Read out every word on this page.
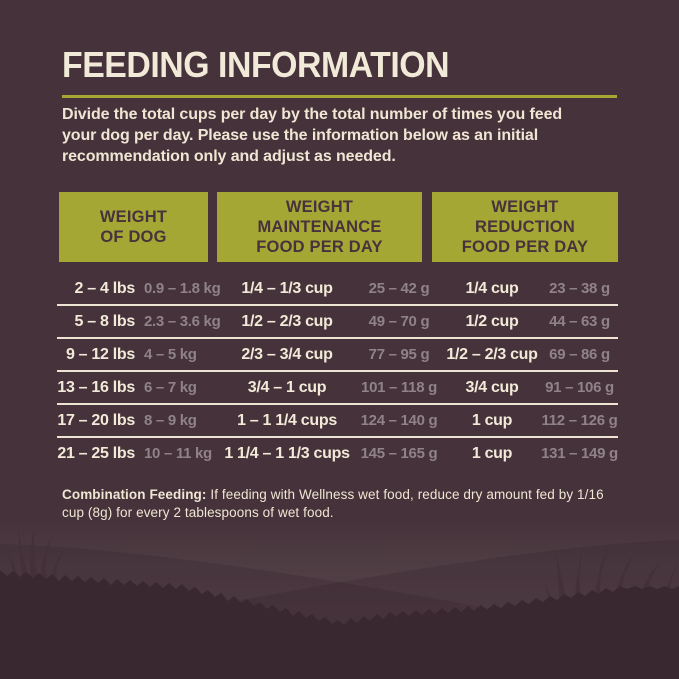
FEEDING INFORMATION

Divide the total cups per day by the total number of times you feed
your dog per day. Please use the information below as an initial
recommendation only and adjust as needed.

WEIGHT
OF DOG
WEIGHT
MAINTENANCE
FOOD PER DAY
WEIGHT
REDUCTION
FOOD PER DAY
2 – 4 lbs 0.9 – 1.8 kg	1/4 – 1/3 cup	25 – 42 g	1/4 cup	23 – 38 g
5 – 8 lbs 2.3 – 3.6 kg	1/2 – 2/3 cup	49 – 70 g	1/2 cup	44 – 63 g
9 – 12 lbs 4 – 5 kg	2/3 – 3/4 cup	77 – 95 g	1/2 – 2/3 cup 69 – 86 g
13 – 16 lbs 6 – 7 kg	3/4 – 1 cup	101 – 118 g	3/4 cup	91 – 106 g
17 – 20 lbs 8 – 9 kg	1 – 1 1/4 cups	124 – 140 g	1 cup	112 – 126 g
21 – 25 lbs 10 – 11 kg 1 1/4 – 1 1/3 cups 145 – 165 g	1 cup	131 – 149 g

Combination Feeding: If feeding with Wellness wet food, reduce dry amount fed by 1/16 cup (8g) for every 2 tablespoons of wet food.
